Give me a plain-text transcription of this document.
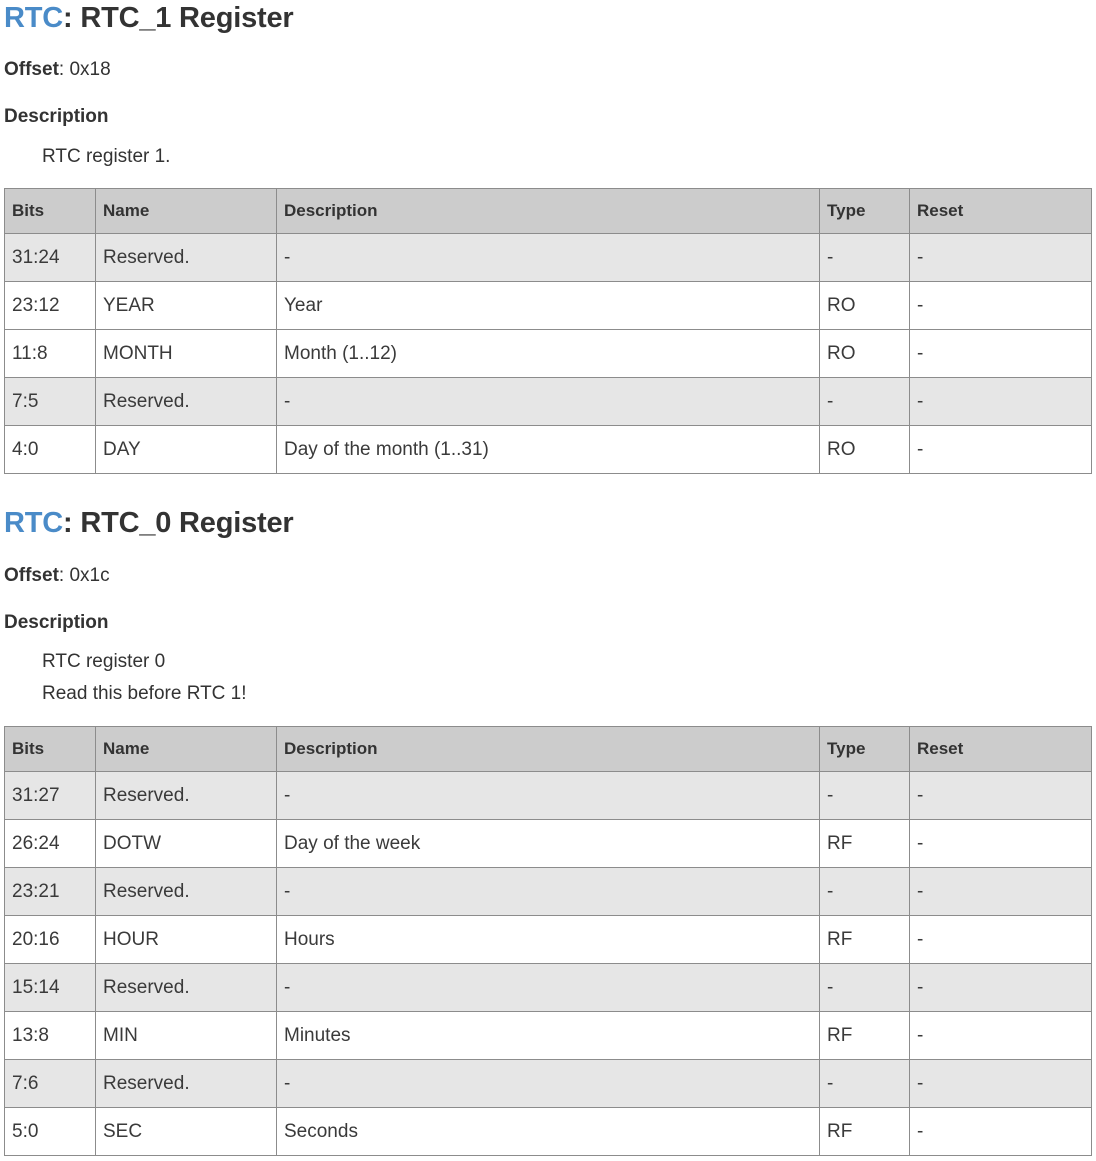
RTC: RTC_1 Register
Offset: 0x18
Description
RTC register 1.
Bits	Name	Description	Type	Reset
31:24	Reserved.	-	-	-
23:12	YEAR	Year	RO	-
11:8	MONTH	Month (1..12)	RO	-
7:5	Reserved.	-	-	-
4:0	DAY	Day of the month (1..31)	RO	-
RTC: RTC_0 Register
Offset: 0x1c
Description
RTC register 0
Read this before RTC 1!
Bits	Name	Description	Type	Reset
31:27	Reserved.	-	-	-
26:24	DOTW	Day of the week	RF	-
23:21	Reserved.	-	-	-
20:16	HOUR	Hours	RF	-
15:14	Reserved.	-	-	-
13:8	MIN	Minutes	RF	-
7:6	Reserved.	-	-	-
5:0	SEC	Seconds	RF	-
